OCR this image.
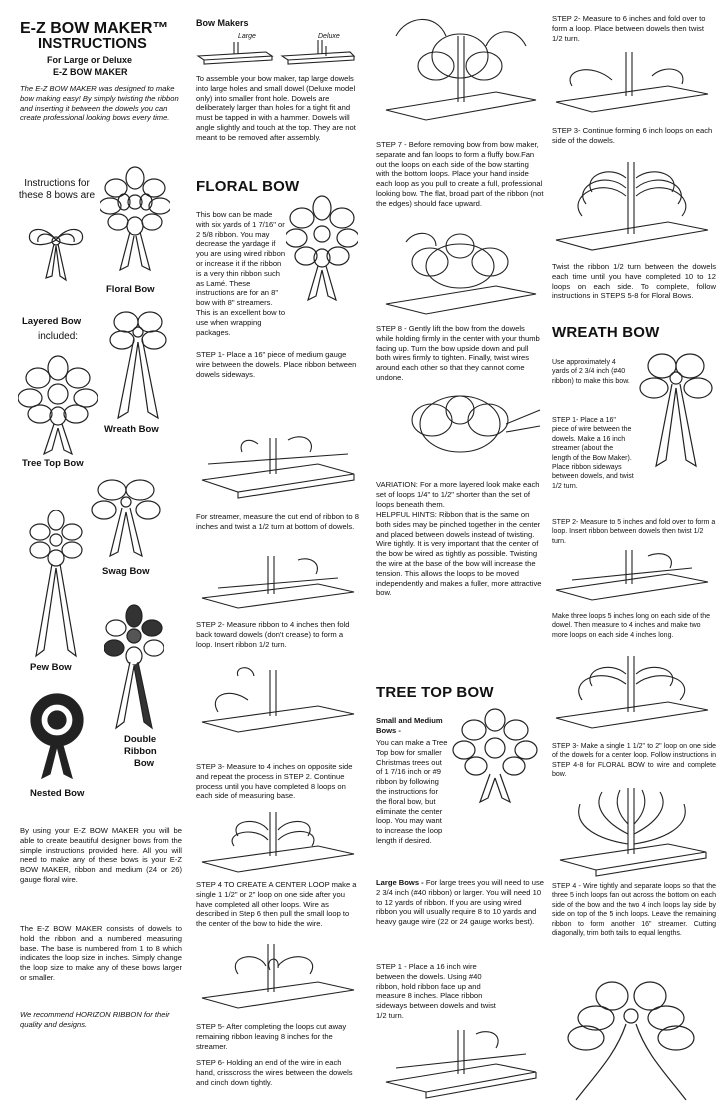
E-Z BOW MAKER™
INSTRUCTIONS
For Large or Deluxe
E-Z BOW MAKER

The E-Z BOW MAKER was designed to make bow making easy! By simply twisting the ribbon and inserting it between the dowels you can create professional looking bows every time.

Instructions for these 8 bows are

Floral Bow
Layered Bow
included:
Wreath Bow
Tree Top Bow
Swag Bow
Pew Bow
Double
Ribbon
Bow
Nested Bow

By using your E-Z BOW MAKER you will be able to create beautiful designer bows from the simple instructions provided here. All you will need to make any of these bows is your E-Z BOW MAKER, ribbon and medium (24 or 26) gauge floral wire.

The E-Z BOW MAKER consists of dowels to hold the ribbon and a numbered measuring base. The base is numbered from 1 to 8 which indicates the loop size in inches. Simply change the loop size to make any of these bows larger or smaller.

We recommend HORIZON RIBBON for their quality and designs.

Bow Makers
Large	Deluxe

To assemble your bow maker, tap large dowels into large holes and small dowel (Deluxe model only) into smaller front hole. Dowels are deliberately larger than holes for a tight fit and must be tapped in with a hammer. Dowels will angle slightly and touch at the top. They are not meant to be removed after assembly.

FLORAL BOW

This bow can be made with six yards of 1 7/16" or 2 5/8 ribbon. You may decrease the yardage if you are using wired ribbon or increase it if the ribbon is a very thin ribbon such as Lamé. These instructions are for an 8" bow with 8" streamers. This is an excellent bow to use when wrapping packages.

STEP 1- Place a 16" piece of medium gauge wire between the dowels. Place ribbon between dowels sideways.

For streamer, measure the cut end of ribbon to 8 inches and twist a 1/2 turn at bottom of dowels.

STEP 2- Measure ribbon to 4 inches then fold back toward dowels (don't crease) to form a loop. Insert ribbon 1/2 turn.

STEP 3- Measure to 4 inches on opposite side and repeat the process in STEP 2. Continue process until you have completed 8 loops on each side of measuring base.

STEP 4 TO CREATE A CENTER LOOP make a single 1 1/2" or 2" loop on one side after you have completed all other loops. Wire as described in Step 6 then pull the small loop to the center of the bow to hide the wire.

STEP 5- After completing the loops cut away remaining ribbon leaving 8 inches for the streamer.

STEP 6- Holding an end of the wire in each hand, crisscross the wires between the dowels and cinch down tightly.

STEP 7 - Before removing bow from bow maker, separate and fan loops to form a fluffy bow.Fan out the loops on each side of the bow starting with the bottom loops. Place your hand inside each loop as you pull to create a full, professional looking bow. The flat, broad part of the ribbon (not the edges) should face upward.

STEP 8 - Gently lift the bow from the dowels while holding firmly in the center with your thumb facing up. Turn the bow upside down and pull both wires firmly to tighten. Finally, twist wires around each other so that they cannot come undone.

VARIATION: For a more layered look make each set of loops 1/4" to 1/2" shorter than the set of loops beneath them.

HELPFUL HINTS: Ribbon that is the same on both sides may be pinched together in the center and placed between dowels instead of twisting. Wire tightly. It is very important that the center of the bow be wired as tightly as possible. Twisting the wire at the base of the bow will increase the tension. This allows the loops to be moved independently and makes a fuller, more attractive bow.

TREE TOP BOW

Small and Medium Bows -

You can make a Tree Top bow for smaller Christmas trees out of 1 7/16 inch or #9 ribbon by following the instructions for the floral bow, but eliminate the center loop. You may want to increase the loop length if desired.

Large Bows - For large trees you will need to use 2 3/4 inch (#40 ribbon) or larger. You will need 10 to 12 yards of ribbon. If you are using wired ribbon you will usually require 8 to 10 yards and heavy gauge wire (22 or 24 gauge works best).

STEP 1 - Place a 16 inch wire between the dowels. Using #40 ribbon, hold ribbon face up and measure 8 inches. Place ribbon sideways between dowels and twist 1/2 turn.

STEP 2- Measure to 6 inches and fold over to form a loop. Place between dowels then twist 1/2 turn.

STEP 3- Continue forming 6 inch loops on each side of the dowels.

Twist the ribbon 1/2 turn between the dowels each time until you have completed 10 to 12 loops on each side. To complete, follow instructions in STEPS 5-8 for Floral Bows.

WREATH BOW

Use approximately 4 yards of 2 3/4 inch (#40 ribbon) to make this bow.

STEP 1- Place a 16" piece of wire between the dowels. Make a 16 inch streamer (about the length of the Bow Maker). Place ribbon sideways between dowels, and twist 1/2 turn.

STEP 2- Measure to 5 inches and fold over to form a loop. Insert ribbon between dowels then twist 1/2 turn.

Make three loops 5 inches long on each side of the dowel. Then measure to 4 inches and make two more loops on each side 4 inches long.

STEP 3- Make a single 1 1/2" to 2" loop on one side of the dowels for a center loop. Follow instructions in STEP 4-8 for FLORAL BOW to wire and complete bow.

STEP 4 - Wire tightly and separate loops so that the three 5 inch loops fan out across the bottom on each side of the bow and the two 4 inch loops lay side by side on top of the 5 inch loops. Leave the remaining ribbon to form another 16" streamer. Cutting diagonally, trim both tails to equal lengths.
